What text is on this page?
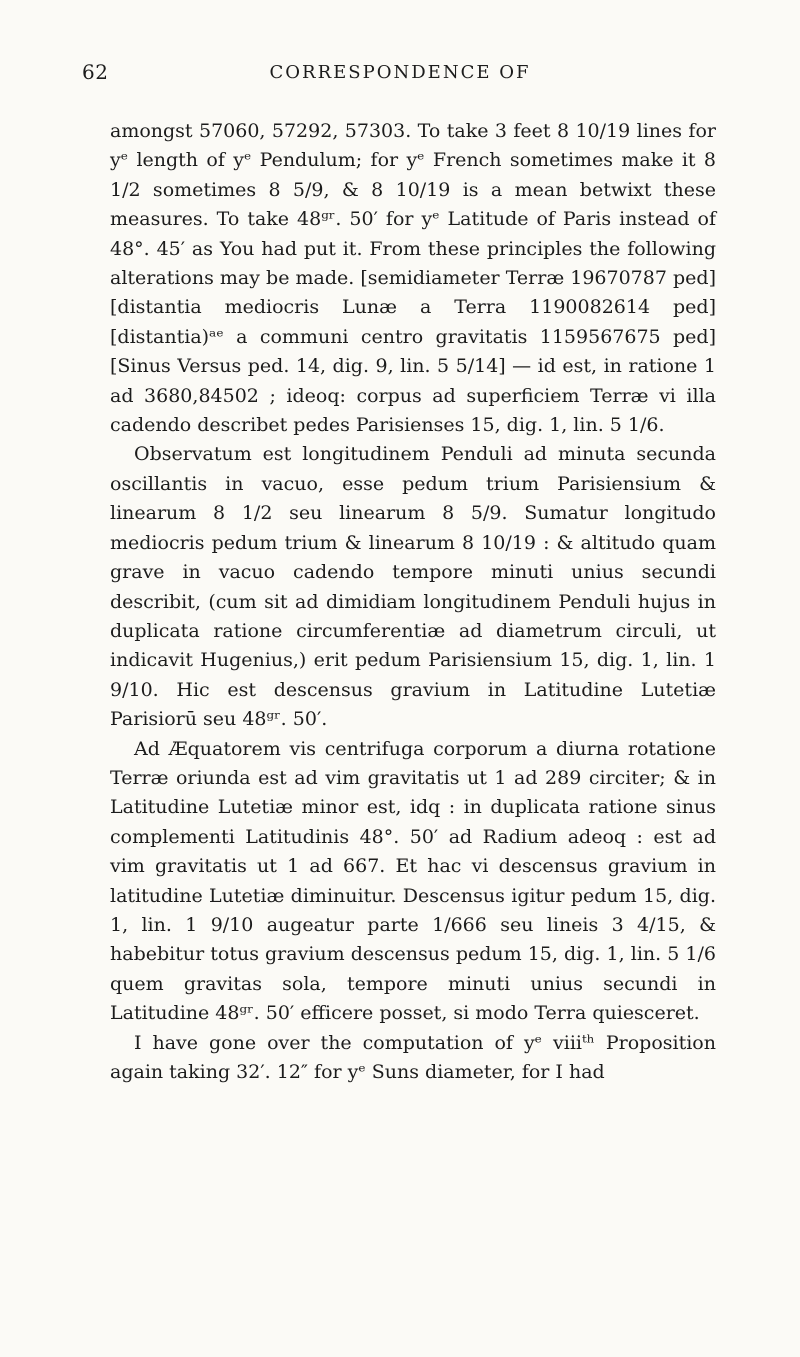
62	CORRESPONDENCE OF

amongst 57060, 57292, 57303. To take 3 feet 8 10/19 lines for yᵉ length of yᵉ Pendulum; for yᵉ French sometimes make it 8 1/2 sometimes 8 5/9, & 8 10/19 is a mean betwixt these measures. To take 48ᵍʳ. 50′ for yᵉ Latitude of Paris instead of 48°. 45′ as You had put it. From these principles the following alterations may be made. [semidiameter Terræ 19670787 ped] [distantia mediocris Lunæ a Terra 1190082614 ped] [distantia)ᵃᵉ a communi centro gravitatis 1159567675 ped] [Sinus Versus ped. 14, dig. 9, lin. 5 5/14] — id est, in ratione 1 ad 3680,84502 ; ideoq: corpus ad superficiem Terræ vi illa cadendo describet pedes Parisienses 15, dig. 1, lin. 5 1/6.

Observatum est longitudinem Penduli ad minuta secunda oscillantis in vacuo, esse pedum trium Parisiensium & linearum 8 1/2 seu linearum 8 5/9. Sumatur longitudo mediocris pedum trium & linearum 8 10/19 : & altitudo quam grave in vacuo cadendo tempore minuti unius secundi describit, (cum sit ad dimidiam longitudinem Penduli hujus in duplicata ratione circumferentiæ ad diametrum circuli, ut indicavit Hugenius,) erit pedum Parisiensium 15, dig. 1, lin. 1 9/10. Hic est descensus gravium in Latitudine Lutetiæ Parisiorū seu 48ᵍʳ. 50′.

Ad Æquatorem vis centrifuga corporum a diurna rotatione Terræ oriunda est ad vim gravitatis ut 1 ad 289 circiter; & in Latitudine Lutetiæ minor est, idq : in duplicata ratione sinus complementi Latitudinis 48°. 50′ ad Radium adeoq : est ad vim gravitatis ut 1 ad 667. Et hac vi descensus gravium in latitudine Lutetiæ diminuitur. Descensus igitur pedum 15, dig. 1, lin. 1 9/10 augeatur parte 1/666 seu lineis 3 4/15, & habebitur totus gravium descensus pedum 15, dig. 1, lin. 5 1/6 quem gravitas sola, tempore minuti unius secundi in Latitudine 48ᵍʳ. 50′ efficere posset, si modo Terra quiesceret.

I have gone over the computation of yᵉ viiiᵗʰ Proposition again taking 32′. 12″ for yᵉ Suns diameter, for I had
